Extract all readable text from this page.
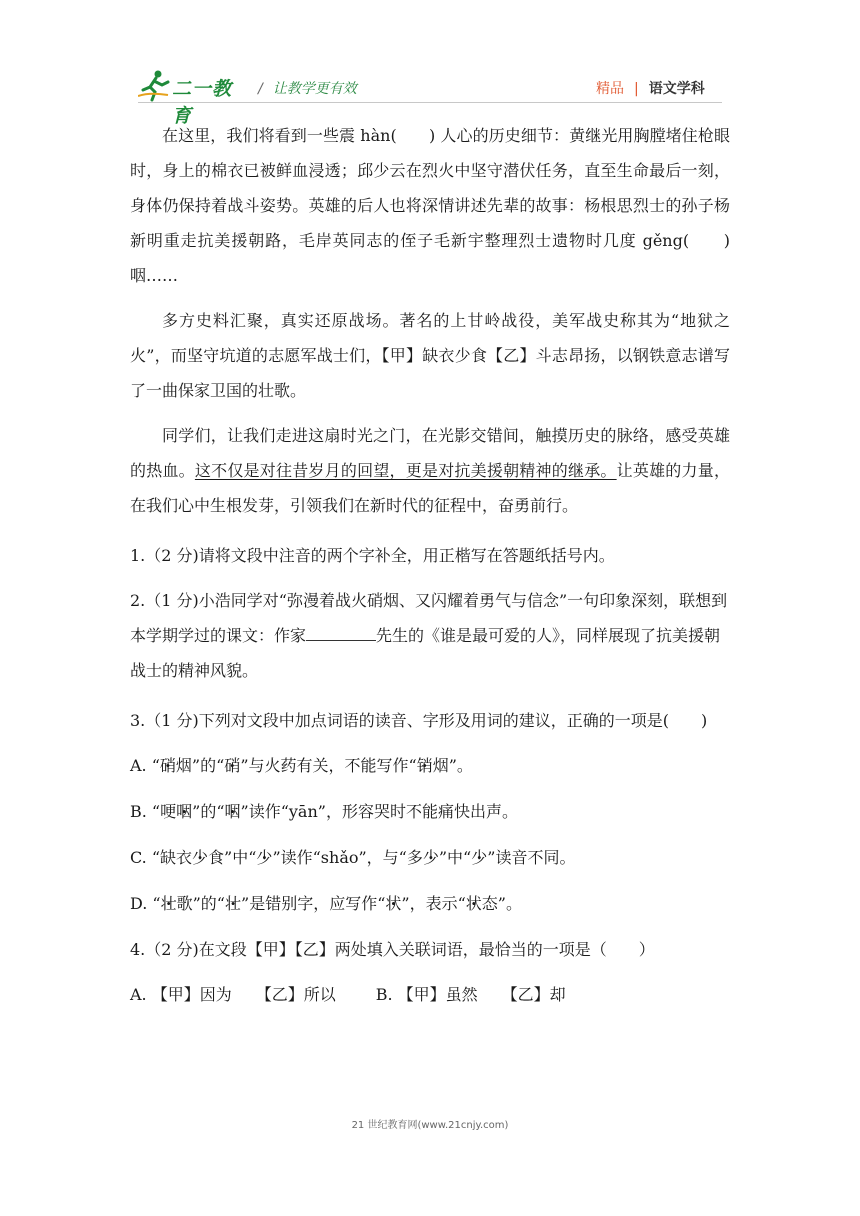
二一教育
/ 让教学更有效	精品 | 语文学科

在这里，我们将看到一些震 hàn(　　) 人心的历史细节：黄继光用胸膛堵住枪眼时，身上的棉衣已被鲜血浸透；邱少云在烈火中坚守潜伏任务，直至生命最后一刻，身体仍保持着战斗姿势。英雄的后人也将深情讲述先辈的故事：杨根思烈士的孙子杨新明重走抗美援朝路，毛岸英同志的侄子毛新宇整理烈士遗物时几度 gěng(　　)咽……

多方史料汇聚，真实还原战场。著名的上甘岭战役，美军战史称其为“地狱之火”，而坚守坑道的志愿军战士们，【甲】缺衣少食【乙】斗志昂扬，以钢铁意志谱写了一曲保家卫国的壮歌。

同学们，让我们走进这扇时光之门，在光影交错间，触摸历史的脉络，感受英雄的热血。这不仅是对往昔岁月的回望，更是对抗美援朝精神的继承。让英雄的力量，在我们心中生根发芽，引领我们在新时代的征程中，奋勇前行。

1.（2 分)请将文段中注音的两个字补全，用正楷写在答题纸括号内。

2.（1 分)小浩同学对“弥漫着战火硝烟、又闪耀着勇气与信念”一句印象深刻，联想到本学期学过的课文：作家	先生的《谁是最可爱的人》，同样展现了抗美援朝战士的精神风貌。

3.（1 分)下列对文段中加点词语的读音、字形及用词的建议，正确的一项是(　　)

A. “硝 ·烟”的“硝 ·”与火药有关，不能写作“销 ·烟”。

B. “哽咽 ·”的“咽 ·”读作“yān”，形容哭时不能痛快出声。

C. “缺衣少 ·食”中“少 ·”读作“shǎo”，与“多少 ·”中“少 ·”读音不同。

D. “壮 ·歌”的“壮 ·”是错别字，应写作“状 ·”，表示“状 ·态”。

4.（2 分)在文段【甲】【乙】两处填入关联词语，最恰当的一项是（　　）

A. 【甲】因为　　【乙】所以	B. 【甲】虽然　　【乙】却

21 世纪教育网(www.21cnjy.com)
